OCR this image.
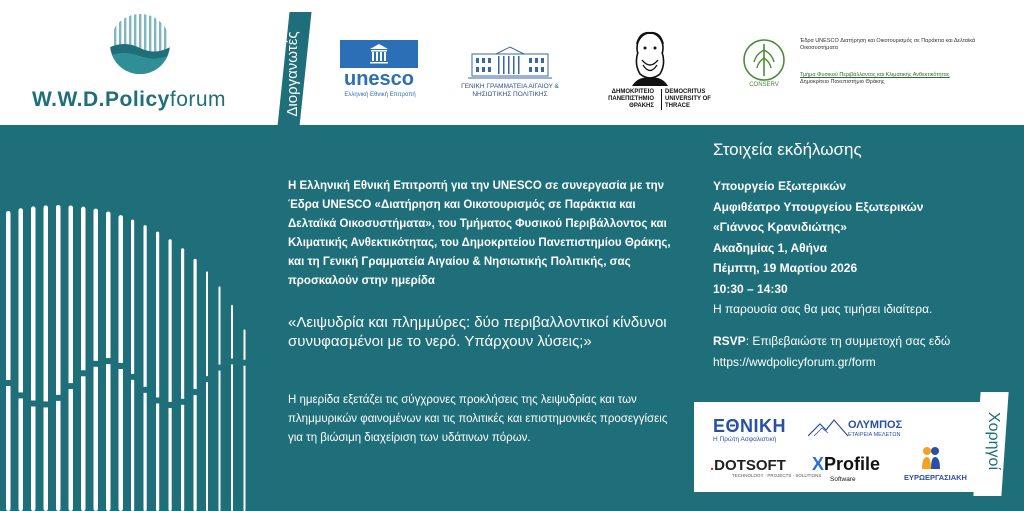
W.W.D.Policyforum	Διοργανωτές unesco
Ελληνική Εθνική Επιτροπή
ΓΕΝΙΚΗ ΓΡΑΜΜΑΤΕΙΑ ΑΙΓΑΙΟΥ & ΝΗΣΙΩΤΙΚΗΣ ΠΟΛΙΤΙΚΗΣ	ΔΗΜΟΚΡΙΤΕΙΟ ΠΑΝΕΠΙΣΤΗΜΙΟ ΘΡΑΚΗΣ
DEMOCRITUS UNIVERSITY OF THRACE
CONSERV
Έδρα UNESCO Διατήρηση και Οικοτουρισμός σε Παράκτια και Δελταϊκά Οικοσυστήματα
Τμήμα Φυσικού Περιβάλλοντος και Κλιματικής Ανθεκτικότητας
Δημοκρίτειο Πανεπιστήμιο Θράκης
Η Ελληνική Εθνική Επιτροπή για την UNESCO σε συνεργασία με την Έδρα UNESCO «Διατήρηση και Οικοτουρισμός σε Παράκτια και Δελταϊκά Οικοσυστήματα», του Τμήματος Φυσικού Περιβάλλοντος και Κλιματικής Ανθεκτικότητας, του Δημοκριτείου Πανεπιστημίου Θράκης, και τη Γενική Γραμματεία Αιγαίου & Νησιωτικής Πολιτικής, σας προσκαλούν στην ημερίδα
«Λειψυδρία και πλημμύρες: δύο περιβαλλοντικοί κίνδυνοι συνυφασμένοι με το νερό. Υπάρχουν λύσεις;»
Η ημερίδα εξετάζει τις σύγχρονες προκλήσεις της λειψυδρίας και των πλημμυρικών φαινομένων και τις πολιτικές και επιστημονικές προσεγγίσεις για τη βιώσιμη διαχείριση των υδάτινων πόρων.
Στοιχεία εκδήλωσης
Υπουργείο Εξωτερικών
Αμφιθέατρο Υπουργείου Εξωτερικών
«Γιάννος Κρανιδιώτης»
Ακαδημίας 1, Αθήνα
Πέμπτη, 19 Μαρτίου 2026
10:30 – 14:30
Η παρουσία σας θα μας τιμήσει ιδιαίτερα.
RSVP: Επιβεβαιώστε τη συμμετοχή σας εδώ
https://wwdpolicyforum.gr/form
Χορηγοί
ΕΘΝΙΚΗ
Η Πρώτη Ασφαλιστική
ΟΛΥΜΠΟΣ
ΕΤΑΙΡΕΙΑ ΜΕΛΕΤΩΝ
.DOTSOFT
TECHNOLOGY · PROJECTS · SOLUTIONS
XProfile
Software	ΕΥΡΩΕΡΓΑΣΙΑΚΗ
